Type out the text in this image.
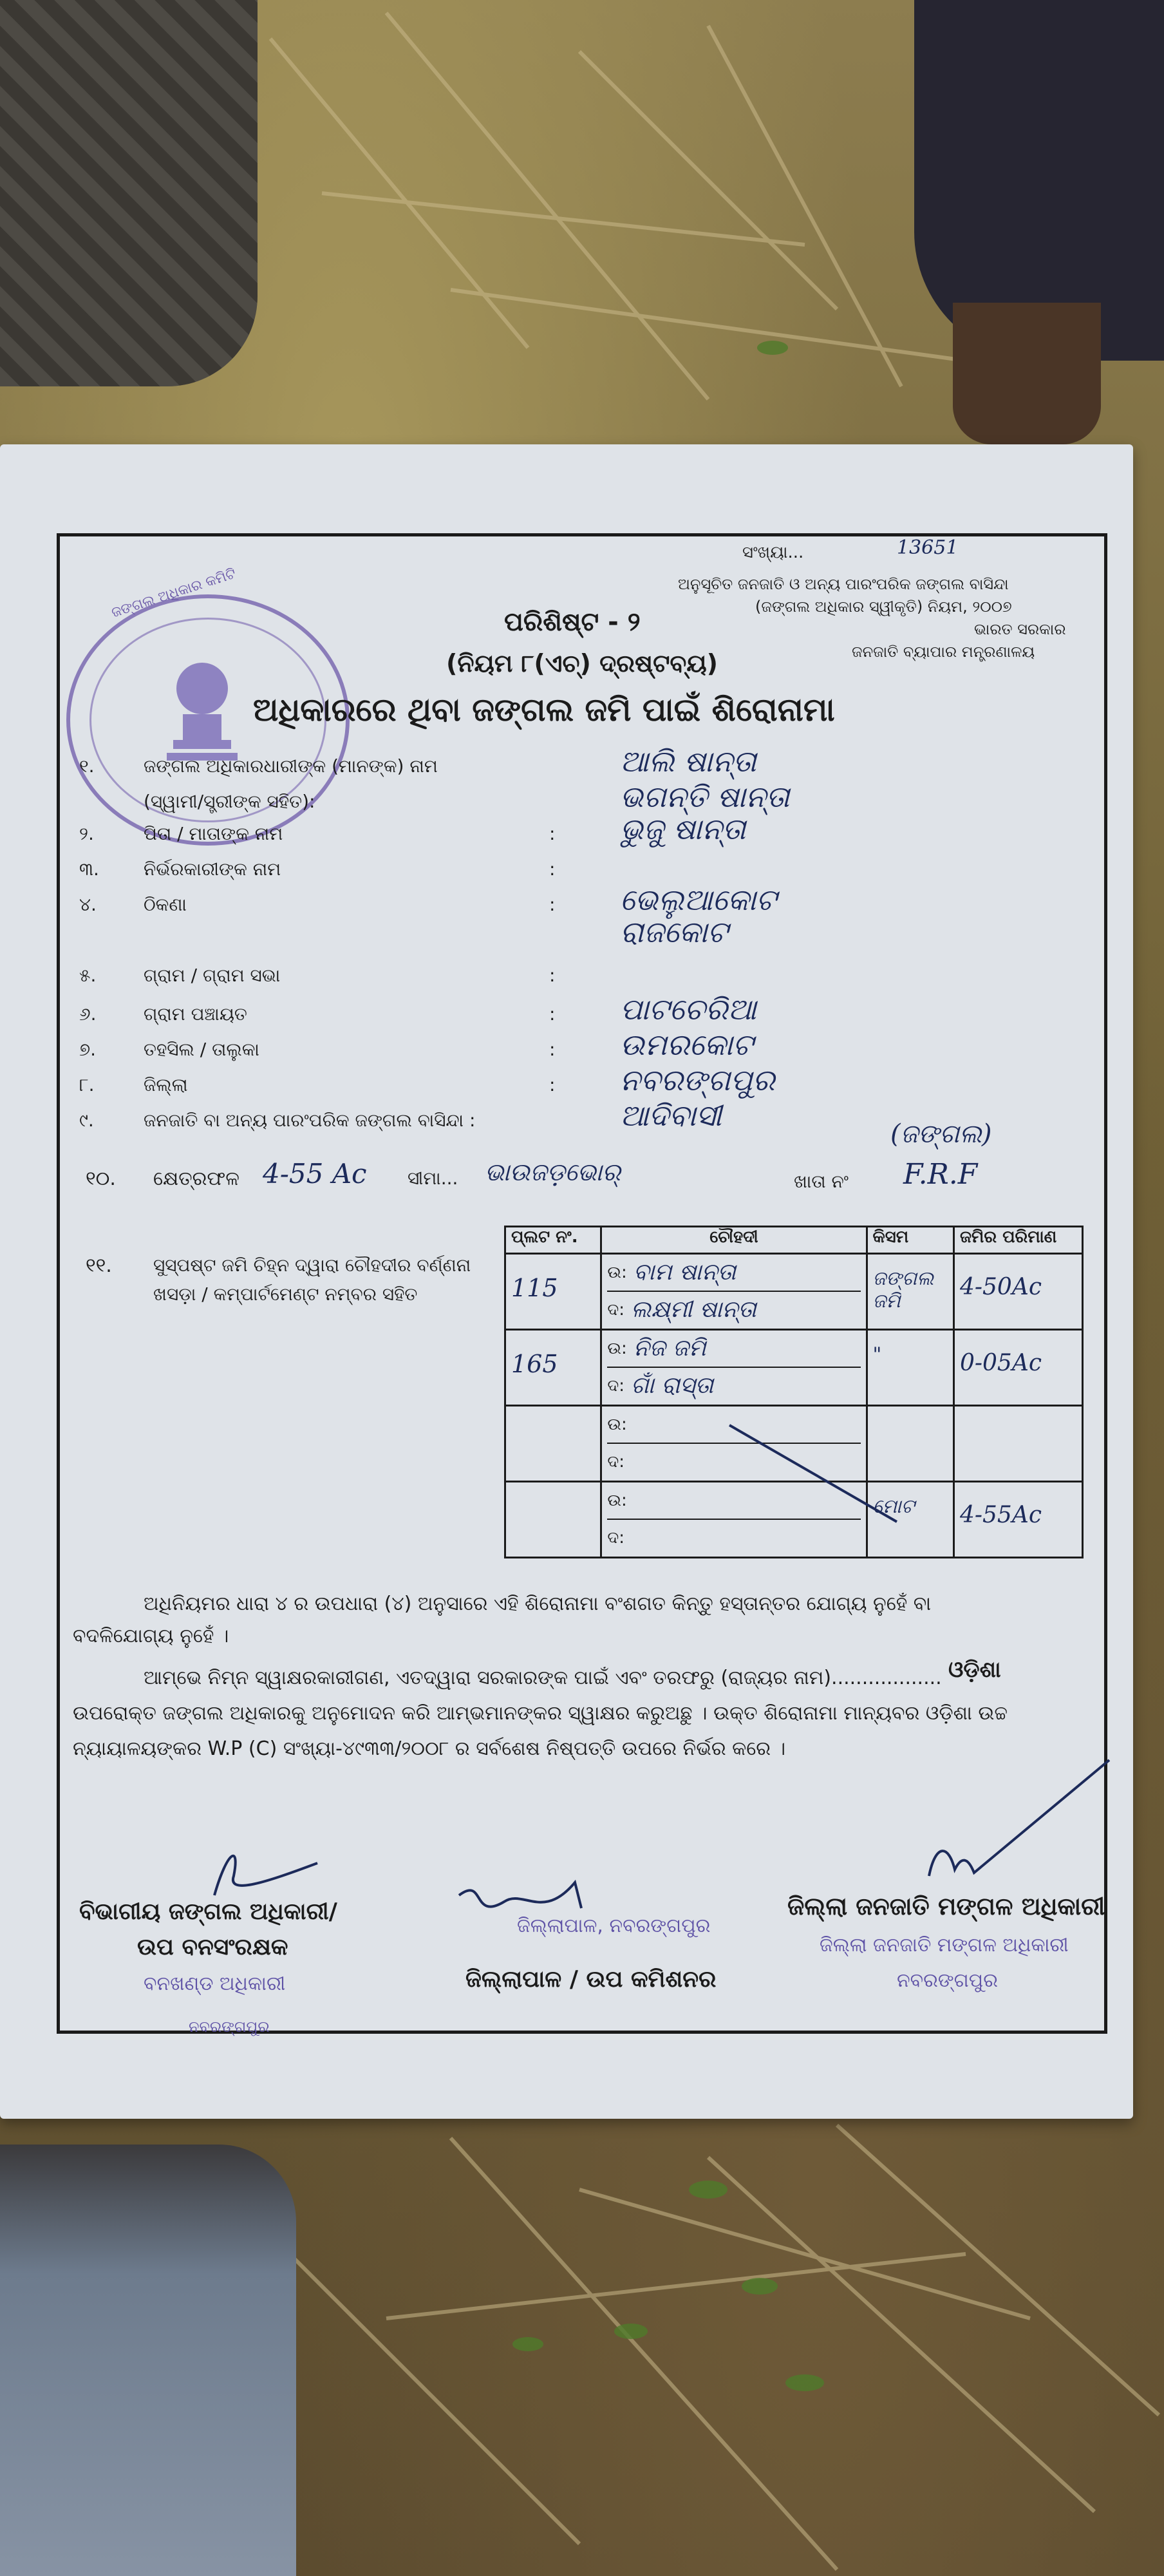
ଜଙ୍ଗଲ ଅଧିକାର କମିଟି
ସଂଖ୍ୟା...	13651
ଅନୁସୂଚିତ ଜନଜାତି ଓ ଅନ୍ୟ ପାରଂପରିକ ଜଙ୍ଗଲ ବାସିନ୍ଦା
(ଜଙ୍ଗଲ ଅଧିକାର ସ୍ୱୀକୃତି) ନିୟମ, ୨୦୦୭
ଭାରତ ସରକାର
ଜନଜାତି ବ୍ୟାପାର ମନ୍ତ୍ରଣାଳୟ
ପରିଶିଷ୍ଟ - ୨
(ନିୟମ ୮(ଏଚ୍) ଦ୍ରଷ୍ଟବ୍ୟ)
ଅଧିକାରରେ ଥିବା ଜଙ୍ଗଲ ଜମି ପାଇଁ ଶିରୋନାମା
୧.	ଜଙ୍ଗଲ ଅଧିକାରଧାରୀଙ୍କ (ମାନଙ୍କ) ନାମ	ଆଲି ଷାନ୍ତା
(ସ୍ୱାମୀ/ସ୍ତ୍ରୀଙ୍କ ସହିତ):	ଭଗନ୍ତି ଷାନ୍ତା
୨.	ପିତା / ମାତାଙ୍କ ନାମ	: ଭୁଜୁ ଷାନ୍ତା
୩. ନିର୍ଭରକାରୀଙ୍କ ନାମ	:
୪.	ଠିକଣା	: ଭେଲୁଆକୋଟ
ରାଜକୋଟ
୫.	ଗ୍ରାମ / ଗ୍ରାମ ସଭା	:
୬.	ଗ୍ରାମ ପଞ୍ଚାୟତ	: ପାଟଚେରିଆ
୭.	ତହସିଲ / ତାଲୁକା	: ଉମରକୋଟ
୮.	ଜିଲ୍ଲା	: ନବରଙ୍ଗପୁର
୯.	ଜନଜାତି ବା ଅନ୍ୟ ପାରଂପରିକ ଜଙ୍ଗଲ ବାସିନ୍ଦା :	ଆଦିବାସୀ
୧୦. କ୍ଷେତ୍ରଫଳ 4-55 Ac ସୀମା... ଭାଉଜଡ଼ଭୋର୍	ଖାତା ନଂ F.R.F
(ଜଙ୍ଗଲ)
୧୧. ସୁସ୍ପଷ୍ଟ ଜମି ଚିହ୍ନ ଦ୍ୱାରା ଚୌହଦୀର ବର୍ଣ୍ଣନା
ଖସଡ଼ା / କମ୍ପାର୍ଟମେଣ୍ଟ ନମ୍ବର ସହିତ
ପ୍ଲଟ ନଂ.	ଚୌହଦୀ	କିସମ	ଜମିର ପରିମାଣ

115	ଉ: ବାମ ଷାନ୍ତା
ଦ: ଲକ୍ଷ୍ମୀ ଷାନ୍ତା	ଜଙ୍ଗଲ ଜମି	4-50Ac

165	ଉ: ନିଜ ଜମି
ଦ: ଗାଁ ରାସ୍ତା	"	0-05Ac

	ଉ:
ଦ:		

	ଉ:
ଦ:	ମୋଟ	4-55Ac
ଅଧିନିୟମର ଧାରା ୪ ର ଉପଧାରା (୪) ଅନୁସାରେ ଏହି ଶିରୋନାମା ବଂଶଗତ କିନ୍ତୁ ହସ୍ତାନ୍ତର ଯୋଗ୍ୟ ନୁହେଁ ବା
ବଦଳିଯୋଗ୍ୟ ନୁହେଁ ।
ଆମ୍ଭେ ନିମ୍ନ ସ୍ୱାକ୍ଷରକାରୀଗଣ, ଏତଦ୍ୱାରା ସରକାରଙ୍କ ପାଇଁ ଏବଂ ତରଫରୁ (ରାଜ୍ୟର ନାମ).................. ଓଡ଼ିଶା
ଉପରୋକ୍ତ ଜଙ୍ଗଲ ଅଧିକାରକୁ ଅନୁମୋଦନ କରି ଆମ୍ଭମାନଙ୍କର ସ୍ୱାକ୍ଷର କରୁଅଛୁ । ଉକ୍ତ ଶିରୋନାମା ମାନ୍ୟବର ଓଡ଼ିଶା ଉଚ୍ଚ
ନ୍ୟାୟାଳୟଙ୍କର W.P (C) ସଂଖ୍ୟା-୪୯୩୩/୨୦୦୮ ର ସର୍ବଶେଷ ନିଷ୍ପତ୍ତି ଉପରେ ନିର୍ଭର କରେ ।
ବିଭାଗୀୟ ଜଙ୍ଗଲ ଅଧିକାରୀ/
ଉପ ବନସଂରକ୍ଷକ
ବନଖଣ୍ଡ ଅଧିକାରୀ
ନବରଙ୍ଗପୁର
ଜିଲ୍ଲାପାଳ, ନବରଙ୍ଗପୁର
ଜିଲ୍ଲାପାଳ / ଉପ କମିଶନର
ଜିଲ୍ଲା ଜନଜାତି ମଙ୍ଗଳ ଅଧିକାରୀ
ଜିଲ୍ଲା ଜନଜାତି ମଙ୍ଗଳ ଅଧିକାରୀ
ନବରଙ୍ଗପୁର
